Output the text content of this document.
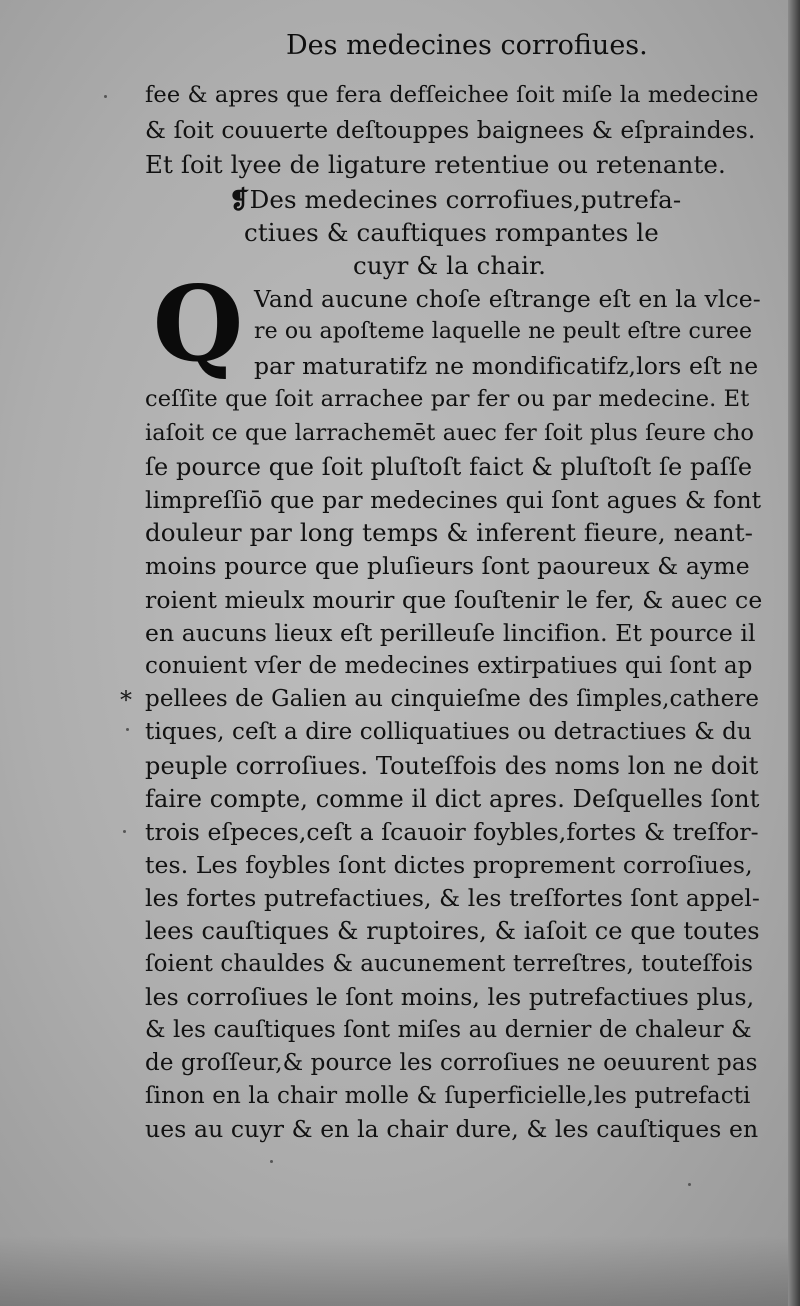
Des medecines corrofiues.
fee & apres que fera defſeichee ſoit miſe la medecine
& ſoit couuerte deſtouppes baignees & eſpraindes.
Et ſoit lyee de ligature retentiue ou retenante.
❡Des medecines corrofiues,putrefa-
ctiues & cauftiques rompantes le
cuyr & la chair.
Q Vand aucune choſe eſtrange eſt en la vlce-
re ou apoſteme laquelle ne peult eſtre curee
par maturatifz ne mondificatifz,lors eſt ne
ceſſite que ſoit arrachee par fer ou par medecine. Et
iaſoit ce que larrachemēt auec fer ſoit plus ſeure cho
ſe pource que ſoit pluſtoſt faict & pluſtoſt ſe paſſe
limpreſſiō que par medecines qui ſont agues & font
douleur par long temps & inferent fieure, neant-
moins pource que pluſieurs ſont paoureux & ayme
roient mieulx mourir que ſouſtenir le fer, & auec ce
en aucuns lieux eſt perilleuſe lincifion. Et pource il
conuient vſer de medecines extirpatiues qui ſont ap
pellees de Galien au cinquieſme des ſimples,cathere
tiques, ceſt a dire colliquatiues ou detractiues & du
peuple corroſiues. Touteſfois des noms lon ne doit
faire compte, comme il dict apres. Deſquelles ſont
trois eſpeces,ceſt a ſcauoir foybles,fortes & treſfor-
tes. Les foybles ſont dictes proprement corroſiues,
les fortes putrefactiues, & les treſfortes ſont appel-
lees cauſtiques & ruptoires, & iaſoit ce que toutes
ſoient chauldes & aucunement terreſtres, touteſfois
les corroſiues le ſont moins, les putrefactiues plus,
& les cauſtiques ſont miſes au dernier de chaleur &
de groſſeur,& pource les corroſiues ne oeuurent pas
ſinon en la chair molle & ſuperficielle,les putrefacti
ues au cuyr & en la chair dure, & les cauſtiques en
*
